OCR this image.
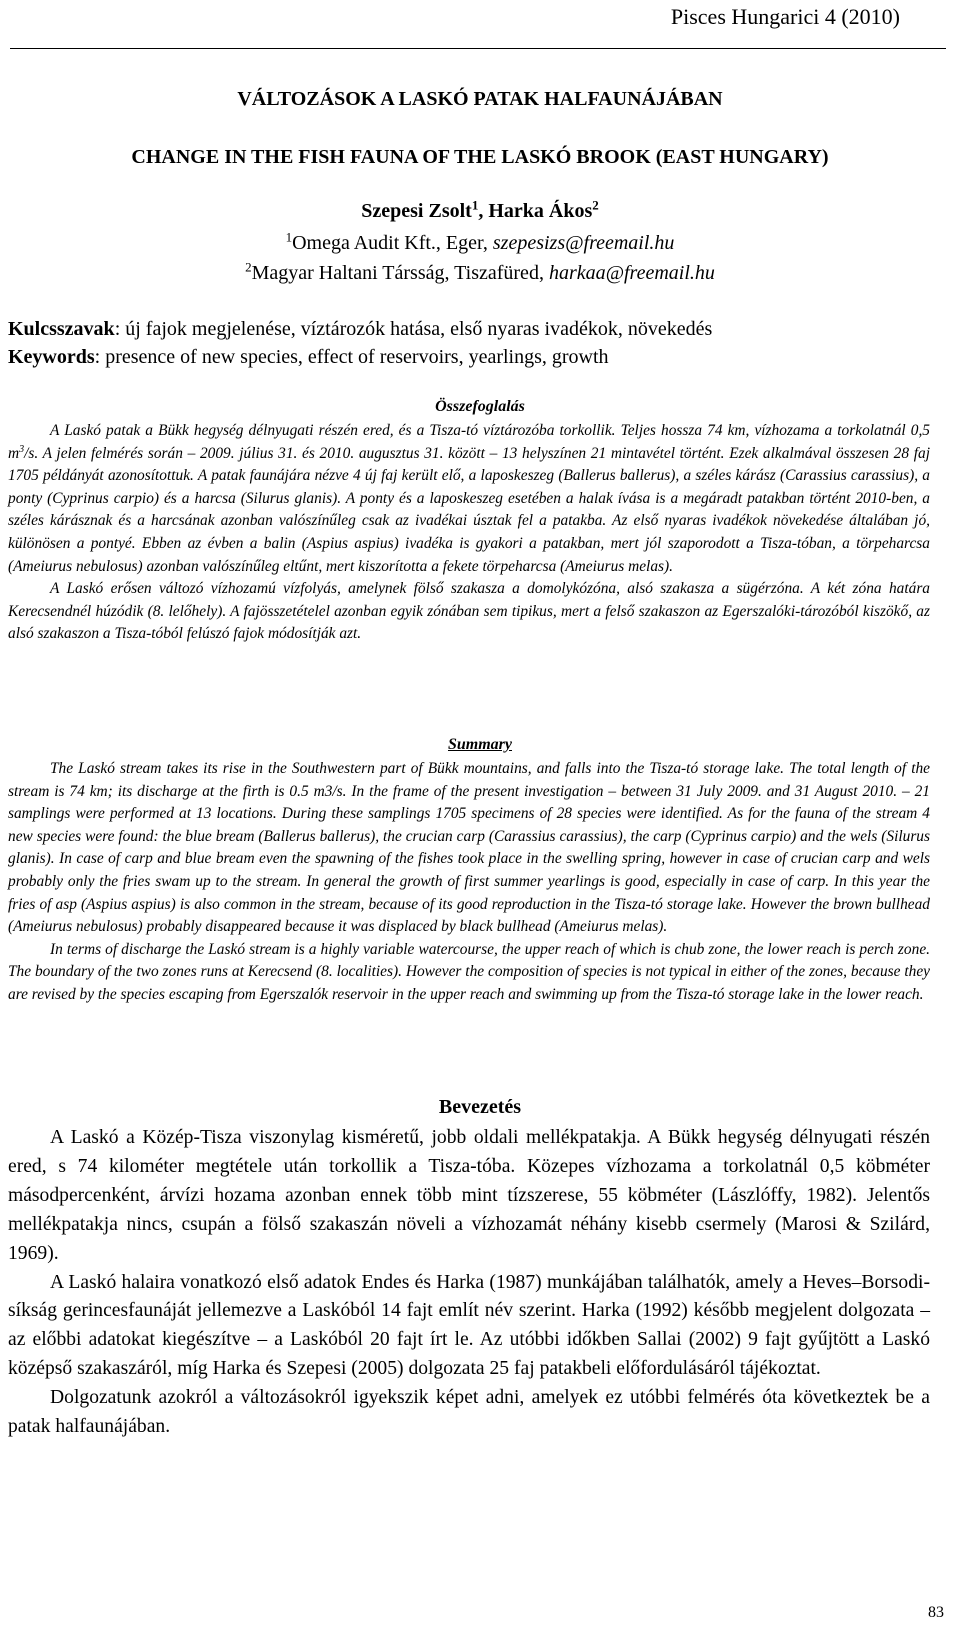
Pisces Hungarici 4 (2010)
VÁLTOZÁSOK A LASKÓ PATAK HALFAUNÁJÁBAN
CHANGE IN THE FISH FAUNA OF THE LASKÓ BROOK (EAST HUNGARY)
Szepesi Zsolt$^1$, Harka Ákos$^2$
$^1$Omega Audit Kft., Eger, szepesizs@freemail.hu
$^2$Magyar Haltani Társság, Tiszafüred, harkaa@freemail.hu
Kulcsszavak: új fajok megjelenése, víztározók hatása, első nyaras ivadékok, növekedés
Keywords: presence of new species, effect of reservoirs, yearlings, growth
Összefoglalás

A Laskó patak a Bükk hegység délnyugati részén ered, és a Tisza-tó víztározóba torkollik. Teljes hossza 74 km, vízhozama a torkolatnál 0,5 $m^3/s$. A jelen felmérés során – 2009. július 31. és 2010. augusztus 31. között – 13 helyszínen 21 mintavétel történt. Ezek alkalmával összesen 28 faj 1705 példányát azonosítottuk. A patak faunájára nézve 4 új faj került elő, a laposkeszeg (Ballerus ballerus), a széles kárász (Carassius carassius), a ponty (Cyprinus carpio) és a harcsa (Silurus glanis). A ponty és a laposkeszeg esetében a halak ívása is a megáradt patakban történt 2010-ben, a széles kárásznak és a harcsának azonban valószínűleg csak az ivadékai úsztak fel a patakba. Az első nyaras ivadékok növekedése általában jó, különösen a pontyé. Ebben az évben a balin (Aspius aspius) ivadéka is gyakori a patakban, mert jól szaporodott a Tisza-tóban, a törpeharcsa (Ameiurus nebulosus) azonban valószínűleg eltűnt, mert kiszorította a fekete törpeharcsa (Ameiurus melas).

A Laskó erősen változó vízhozamú vízfolyás, amelynek fölső szakasza a domolykózóna, alsó szakasza a sügérzóna. A két zóna határa Kerecsendnél húzódik (8. lelőhely). A fajösszetételel azonban egyik zónában sem tipikus, mert a felső szakaszon az Egerszalóki-tározóból kiszökő, az alsó szakaszon a Tisza-tóból felúszó fajok módosítják azt.

Summary

The Laskó stream takes its rise in the Southwestern part of Bükk mountains, and falls into the Tisza-tó storage lake. The total length of the stream is 74 km; its discharge at the firth is 0.5 m3/s. In the frame of the present investigation – between 31 July 2009. and 31 August 2010. – 21 samplings were performed at 13 locations. During these samplings 1705 specimens of 28 species were identified. As for the fauna of the stream 4 new species were found: the blue bream (Ballerus ballerus), the crucian carp (Carassius carassius), the carp (Cyprinus carpio) and the wels (Silurus glanis). In case of carp and blue bream even the spawning of the fishes took place in the swelling spring, however in case of crucian carp and wels probably only the fries swam up to the stream. In general the growth of first summer yearlings is good, especially in case of carp. In this year the fries of asp (Aspius aspius) is also common in the stream, because of its good reproduction in the Tisza-tó storage lake. However the brown bullhead (Ameiurus nebulosus) probably disappeared because it was displaced by black bullhead (Ameiurus melas).

In terms of discharge the Laskó stream is a highly variable watercourse, the upper reach of which is chub zone, the lower reach is perch zone. The boundary of the two zones runs at Kerecsend (8. localities). However the composition of species is not typical in either of the zones, because they are revised by the species escaping from Egerszalók reservoir in the upper reach and swimming up from the Tisza-tó storage lake in the lower reach.

Bevezetés

A Laskó a Közép-Tisza viszonylag kisméretű, jobb oldali mellékpatakja. A Bükk hegység délnyugati részén ered, s 74 kilométer megtétele után torkollik a Tisza-tóba. Közepes vízhozama a torkolatnál 0,5 köbméter másodpercenként, árvízi hozama azonban ennek több mint tízszerese, 55 köbméter (Lászlóffy, 1982). Jelentős mellékpatakja nincs, csupán a fölső szakaszán növeli a vízhozamát néhány kisebb csermely (Marosi & Szilárd, 1969).

A Laskó halaira vonatkozó első adatok Endes és Harka (1987) munkájában találhatók, amely a Heves–Borsodi-síkság gerincesfaunáját jellemezve a Laskóból 14 fajt említ név szerint. Harka (1992) később megjelent dolgozata – az előbbi adatokat kiegészítve – a Laskóból 20 fajt írt le. Az utóbbi időkben Sallai (2002) 9 fajt gyűjtött a Laskó középső szakaszáról, míg Harka és Szepesi (2005) dolgozata 25 faj patakbeli előfordulásáról tájékoztat.

Dolgozatunk azokról a változásokról igyekszik képet adni, amelyek ez utóbbi felmérés óta következtek be a patak halfaunájában.

83
